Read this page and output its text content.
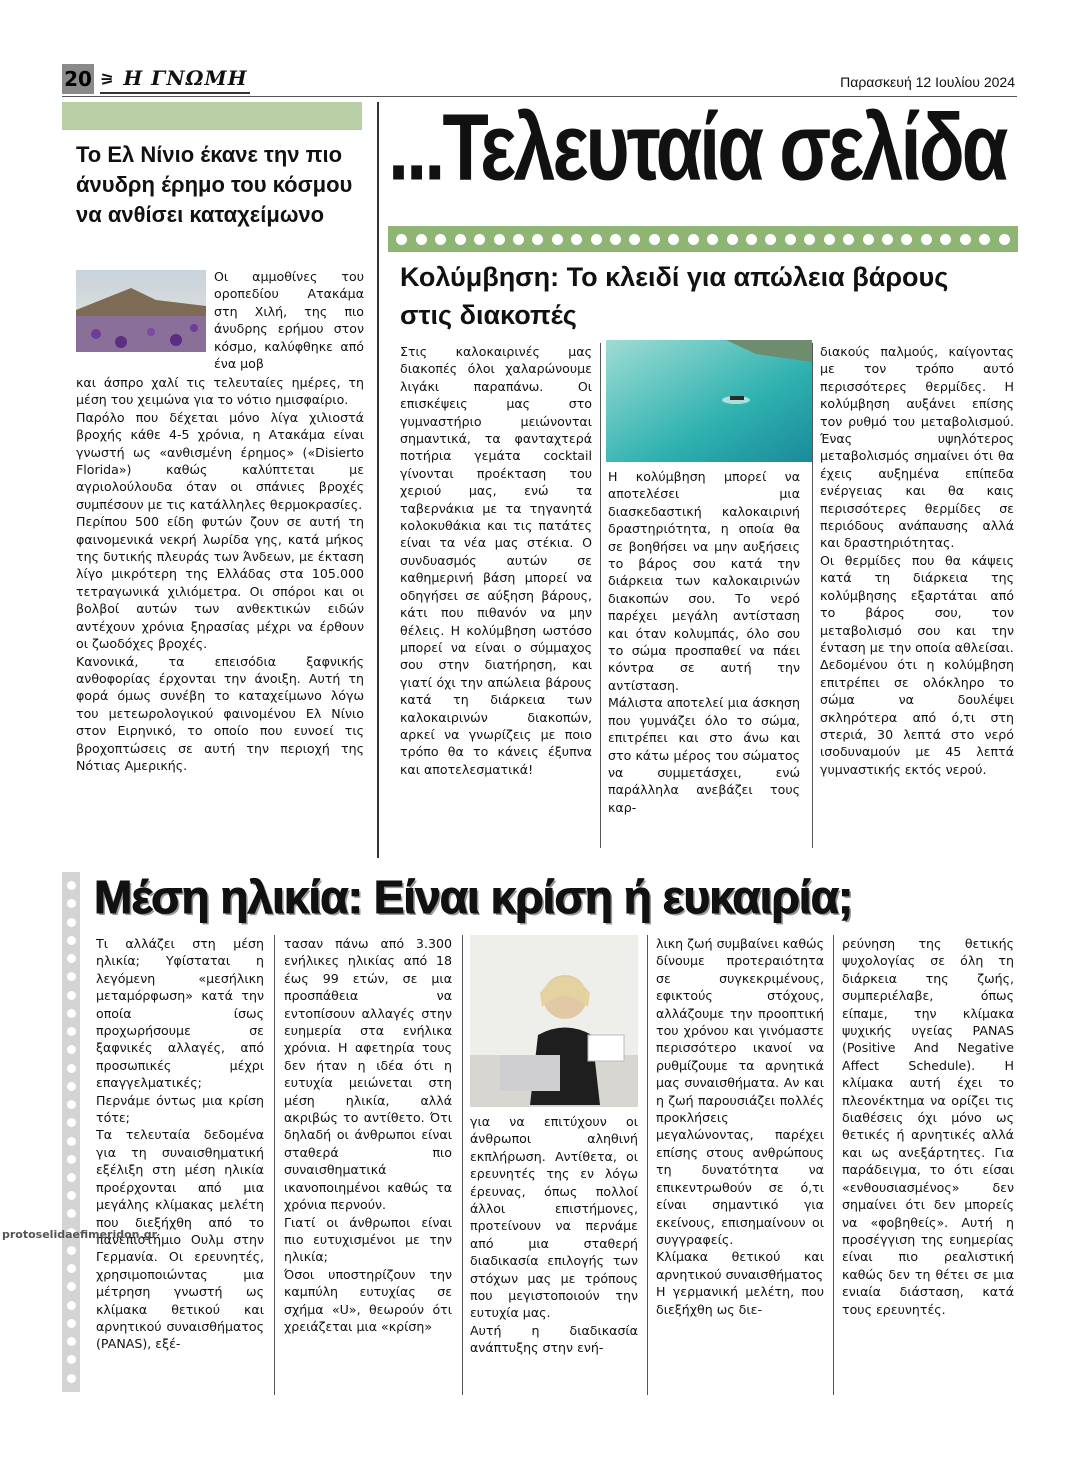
20 ⚞ Η ΓΝΩΜΗ	Παρασκευή 12 Ιουλίου 2024
Το Ελ Νίνιο έκανε την πιο άνυδρη έρημο του κόσμου να ανθίσει καταχείμωνο
Οι αμμοθίνες του οροπεδίου Ατακάμα στη Χιλή, της πιο άνυδρης ερήμου στον κόσμο, καλύφθηκε από ένα μοβ

και άσπρο χαλί τις τελευταίες ημέρες, τη μέση του χειμώνα για το νότιο ημισφαίριο.

Παρόλο που δέχεται μόνο λίγα χιλιοστά βροχής κάθε 4-5 χρόνια, η Ατακάμα είναι γνωστή ως «ανθισμένη έρημος» («Disierto Florida») καθώς καλύπτεται με αγριολούλουδα όταν οι σπάνιες βροχές συμπέσουν με τις κατάλληλες θερμοκρασίες.

Περίπου 500 είδη φυτών ζουν σε αυτή τη φαινομενικά νεκρή λωρίδα γης, κατά μήκος της δυτικής πλευράς των Άνδεων, με έκταση λίγο μικρότερη της Ελλάδας στα 105.000 τετραγωνικά χιλιόμετρα. Οι σπόροι και οι βολβοί αυτών των ανθεκτικών ειδών αντέχουν χρόνια ξηρασίας μέχρι να έρθουν οι ζωοδόχες βροχές.

Κανονικά, τα επεισόδια ξαφνικής ανθοφορίας έρχονται την άνοιξη. Αυτή τη φορά όμως συνέβη το καταχείμωνο λόγω του μετεωρολογικού φαινομένου Ελ Νίνιο στον Ειρηνικό, το οποίο που ευνοεί τις βροχοπτώσεις σε αυτή την περιοχή της Νότιας Αμερικής.

...Τελευταία σελίδα
Κολύμβηση: Το κλειδί για απώλεια βάρους στις διακοπές
Στις καλοκαιρινές μας διακοπές όλοι χαλαρώνουμε λιγάκι παραπάνω. Οι επισκέψεις μας στο γυμναστήριο μειώνονται σημαντικά, τα φανταχτερά ποτήρια γεμάτα cocktail γίνονται προέκταση του χεριού μας, ενώ τα ταβερνάκια με τα τηγανητά κολοκυθάκια και τις πατάτες είναι τα νέα μας στέκια. Ο συνδυασμός αυτών σε καθημερινή βάση μπορεί να οδηγήσει σε αύξηση βάρους, κάτι που πιθανόν να μην θέλεις. Η κολύμβηση ωστόσο μπορεί να είναι ο σύμμαχος σου στην διατήρηση, και γιατί όχι την απώλεια βάρους κατά τη διάρκεια των καλοκαιρινών διακοπών, αρκεί να γνωρίζεις με ποιο τρόπο θα το κάνεις έξυπνα και αποτελεσματικά!

Η κολύμβηση μπορεί να αποτελέσει μια διασκεδαστική καλοκαιρινή δραστηριότητα, η οποία θα σε βοηθήσει να μην αυξήσεις το βάρος σου κατά την διάρκεια των καλοκαιρινών διακοπών σου. Το νερό παρέχει μεγάλη αντίσταση και όταν κολυμπάς, όλο σου το σώμα προσπαθεί να πάει κόντρα σε αυτή την αντίσταση.

Μάλιστα αποτελεί μια άσκηση που γυμνάζει όλο το σώμα, επιτρέπει και στο άνω και στο κάτω μέρος του σώματος να συμμετάσχει, ενώ παράλληλα ανεβάζει τους καρ-

διακούς παλμούς, καίγοντας με τον τρόπο αυτό περισσότερες θερμίδες. Η κολύμβηση αυξάνει επίσης τον ρυθμό του μεταβολισμού. Ένας υψηλότερος μεταβολισμός σημαίνει ότι θα έχεις αυξημένα επίπεδα ενέργειας και θα καις περισσότερες θερμίδες σε περιόδους ανάπαυσης αλλά και δραστηριότητας.

Οι θερμίδες που θα κάψεις κατά τη διάρκεια της κολύμβησης εξαρτάται από το βάρος σου, τον μεταβολισμό σου και την ένταση με την οποία αθλείσαι.

Δεδομένου ότι η κολύμβηση επιτρέπει σε ολόκληρο το σώμα να δουλέψει σκληρότερα από ό,τι στη στεριά, 30 λεπτά στο νερό ισοδυναμούν με 45 λεπτά γυμναστικής εκτός νερού.

Μέση ηλικία: Είναι κρίση ή ευκαιρία;

Τι αλλάζει στη μέση ηλικία; Υφίσταται η λεγόμενη «μεσήλικη μεταμόρφωση» κατά την οποία ίσως προχωρήσουμε σε ξαφνικές αλλαγές, από προσωπικές μέχρι επαγγελματικές;

Περνάμε όντως μια κρίση τότε;

Τα τελευταία δεδομένα για τη συναισθηματική εξέλιξη στη μέση ηλικία προέρχονται από μια μεγάλης κλίμακας μελέτη που διεξήχθη από το πανεπιστήμιο Ουλμ στην Γερμανία. Οι ερευνητές, χρησιμοποιώντας μια μέτρηση γνωστή ως κλίμακα θετικού και αρνητικού συναισθήματος (PANAS), εξέ-

τασαν πάνω από 3.300 ενήλικες ηλικίας από 18 έως 99 ετών, σε μια προσπάθεια να εντοπίσουν αλλαγές στην ευημερία στα ενήλικα χρόνια. Η αφετηρία τους δεν ήταν η ιδέα ότι η ευτυχία μειώνεται στη μέση ηλικία, αλλά ακριβώς το αντίθετο. Ότι δηλαδή οι άνθρωποι είναι σταθερά πιο συναισθηματικά ικανοποιημένοι καθώς τα χρόνια περνούν.

Γιατί οι άνθρωποι είναι πιο ευτυχισμένοι με την ηλικία;

Όσοι υποστηρίζουν την καμπύλη ευτυχίας σε σχήμα «U», θεωρούν ότι χρειάζεται μια «κρίση»

για να επιτύχουν οι άνθρωποι αληθινή εκπλήρωση. Αντίθετα, οι ερευνητές της εν λόγω έρευνας, όπως πολλοί άλλοι επιστήμονες, προτείνουν να περνάμε από μια σταθερή διαδικασία επιλογής των στόχων μας με τρόπους που μεγιστοποιούν την ευτυχία μας.

Αυτή η διαδικασία ανάπτυξης στην ενή-

λικη ζωή συμβαίνει καθώς δίνουμε προτεραιότητα σε συγκεκριμένους, εφικτούς στόχους, αλλάζουμε την προοπτική του χρόνου και γινόμαστε περισσότερο ικανοί να ρυθμίζουμε τα αρνητικά μας συναισθήματα. Αν και η ζωή παρουσιάζει πολλές προκλήσεις μεγαλώνοντας, παρέχει επίσης στους ανθρώπους τη δυνατότητα να επικεντρωθούν σε ό,τι είναι σημαντικό για εκείνους, επισημαίνουν οι συγγραφείς.

Κλίμακα θετικού και αρνητικού συναισθήματος

Η γερμανική μελέτη, που διεξήχθη ως διε-

ρεύνηση της θετικής ψυχολογίας σε όλη τη διάρκεια της ζωής, συμπεριέλαβε, όπως είπαμε, την κλίμακα ψυχικής υγείας PANAS (Positive And Negative Affect Schedule). Η κλίμακα αυτή έχει το πλεονέκτημα να ορίζει τις διαθέσεις όχι μόνο ως θετικές ή αρνητικές αλλά και ως ανεξάρτητες. Για παράδειγμα, το ότι είσαι «ενθουσιασμένος» δεν σημαίνει ότι δεν μπορείς να «φοβηθείς». Αυτή η προσέγγιση της ευημερίας είναι πιο ρεαλιστική καθώς δεν τη θέτει σε μια ενιαία διάσταση, κατά τους ερευνητές.

protoselidaefimeridon.gr
